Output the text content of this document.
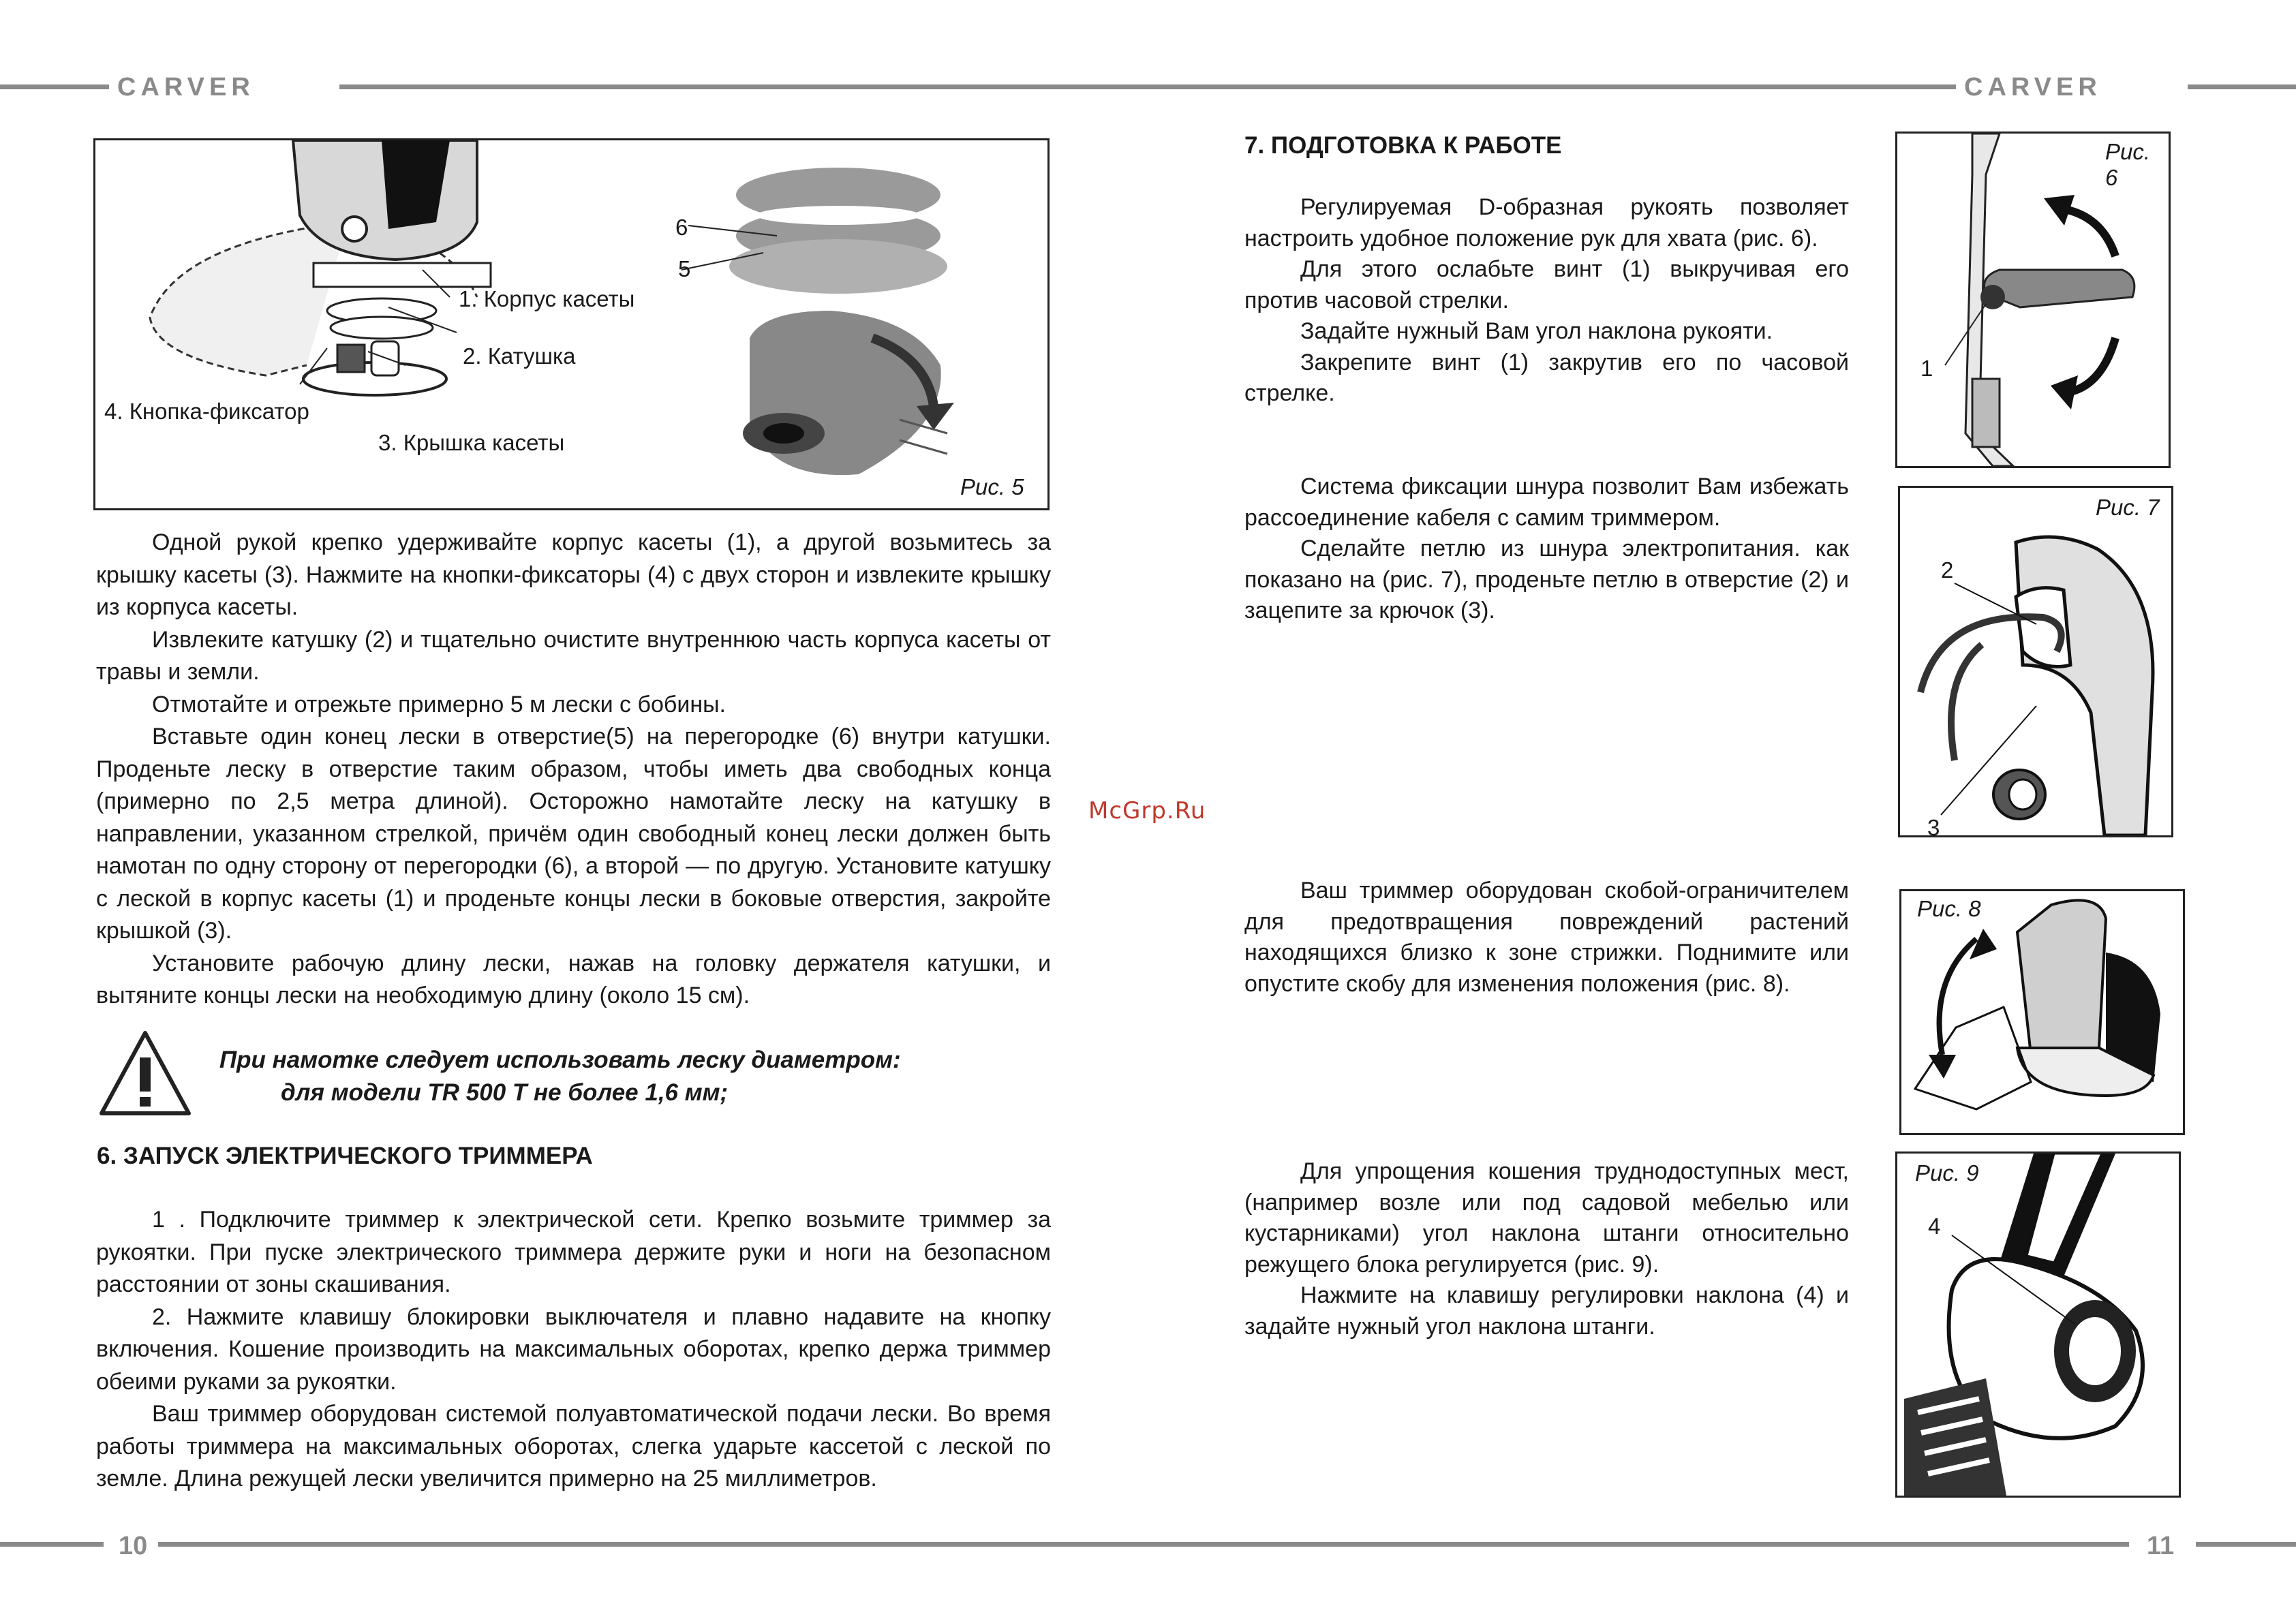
CARVER	CARVER
10	11
1. Корпус касеты
2. Катушка
3. Крышка касеты
4. Кнопка-фиксатор
6
5
Рис. 5

Одной рукой крепко удерживайте корпус касеты (1), а другой возьмитесь за крышку касеты (3). Нажмите на кнопки-фиксаторы (4) с двух сторон и извлеките крышку из корпуса касеты.

Извлеките катушку (2) и тщательно очистите внутреннюю часть корпуса касеты от травы и земли.

Отмотайте и отрежьте примерно 5 м лески с бобины.

Вставьте один конец лески в отверстие(5) на перегородке (6) внутри катушки. Проденьте леску в отверстие таким образом, чтобы иметь два свободных конца (примерно по 2,5 метра длиной). Осторожно намотайте леску на катушку в направлении, указанном стрелкой, причём один свободный конец лески должен быть намотан по одну сторону от перегородки (6), а второй — по другую. Установите катушку с леской в корпус касеты (1) и проденьте концы лески в боковые отверстия, закройте крышкой (3).

Установите рабочую длину лески, нажав на головку держателя катушки, и вытяните концы лески на необходимую длину (около 15 см).

При намотке следует использовать леску диаметром:
для модели TR 500 T не более 1,6 мм;
6. ЗАПУСК ЭЛЕКТРИЧЕСКОГО ТРИММЕРА

1 . Подключите триммер к электрической сети. Крепко возьмите триммер за рукоятки. При пуске электрического триммера держите руки и ноги на безопасном расстоянии от зоны скашивания.

2. Нажмите клавишу блокировки выключателя и плавно надавите на кнопку включения. Кошение производить на максимальных оборотах, крепко держа триммер обеими руками за рукоятки.

Ваш триммер оборудован системой полуавтоматической подачи лески. Во время работы триммера на максимальных оборотах, слегка ударьте кассетой с леской по земле. Длина режущей лески увеличится примерно на 25 миллиметров.

McGrp.Ru
7. ПОДГОТОВКА К РАБОТЕ

Регулируемая D-образная рукоять позволяет настроить удобное положение рук для хвата (рис. 6).

Для этого ослабьте винт (1) выкручивая его против часовой стрелки.

Задайте нужный Вам угол наклона рукояти.

Закрепите винт (1) закрутив его по часовой стрелке.

Система фиксации шнура позволит Вам избежать рассоединение кабеля с самим триммером.

Сделайте петлю из шнура электропитания. как показано на (рис. 7), проденьте петлю в отверстие (2) и зацепите за крючок (3).

Ваш триммер оборудован скобой-ограничителем для предотвращения повреждений растений находящихся близко к зоне стрижки. Поднимите или опустите скобу для изменения положения (рис. 8).

Для упрощения кошения труднодоступных мест, (например возле или под садовой мебелью или кустарниками) угол наклона штанги относительно режущего блока регулируется (рис. 9).

Нажмите на клавишу регулировки наклона (4) и задайте нужный угол наклона штанги.

Рис. 6
1
Рис. 7
2
3
Рис. 8
Рис. 9
4
